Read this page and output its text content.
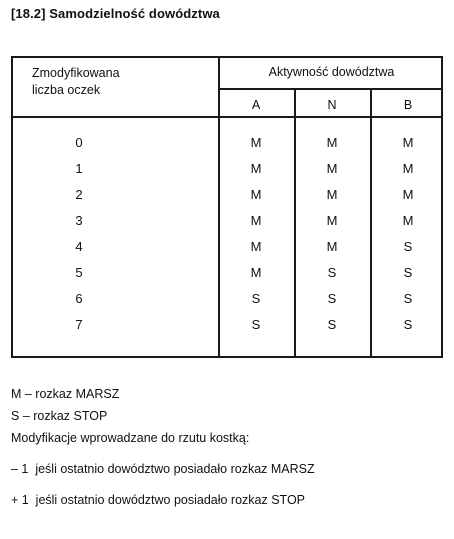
[18.2] Samodzielność dowództwa
Zmodyfikowana
liczba oczek
Aktywność dowództwa
A	N	B
0	M	M	M
1	M	M	M
2	M	M	M
3	M	M	M
4	M	M	S
5	M	S	S
6	S	S	S
7	S	S	S
M – rozkaz MARSZ
S – rozkaz STOP
Modyfikacje wprowadzane do rzutu kostką:
– 1  jeśli ostatnio dowództwo posiadało rozkaz MARSZ
+ 1  jeśli ostatnio dowództwo posiadało rozkaz STOP
